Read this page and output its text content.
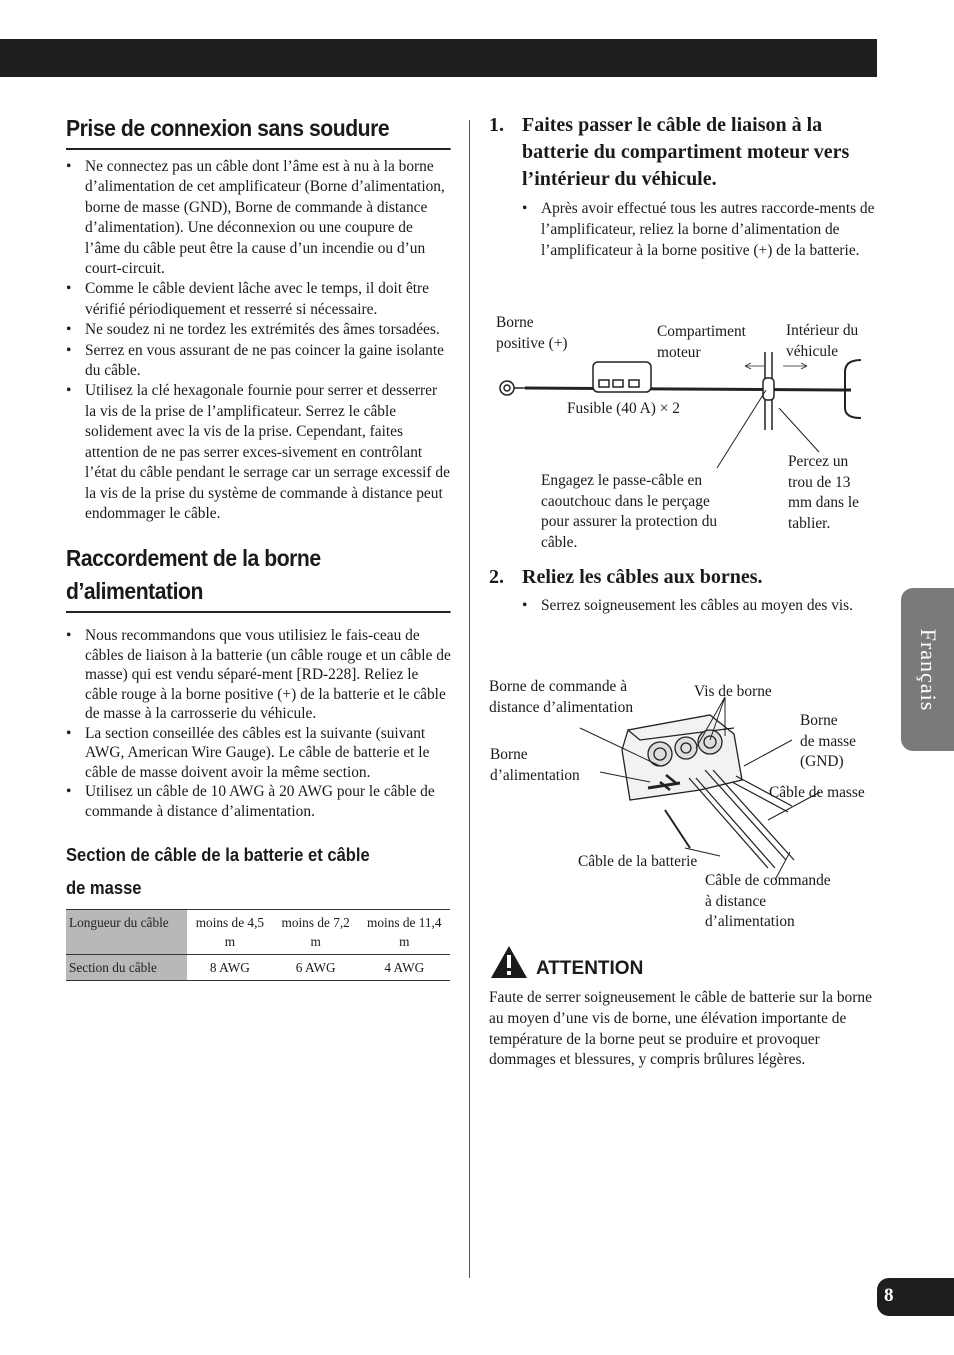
Prise de connexion sans soudure
• Ne connectez pas un câble dont l’âme est à nu à la borne d’alimentation de cet amplificateur (Borne d’alimentation, borne de masse (GND), Borne de commande à distance d’alimentation). Une déconnexion ou une coupure de l’âme du câble peut être la cause d’un incendie ou d’un court-circuit.
• Comme le câble devient lâche avec le temps, il doit être vérifié périodiquement et resserré si nécessaire.
• Ne soudez ni ne tordez les extrémités des âmes torsadées.
• Serrez en vous assurant de ne pas coincer la gaine isolante du câble.
• Utilisez la clé hexagonale fournie pour serrer et desserrer la vis de la prise de l’amplificateur. Serrez le câble solidement avec la vis de la prise. Cependant, faites attention de ne pas serrer exces-sivement en contrôlant l’état du câble pendant le serrage car un serrage excessif de la vis de la prise du système de commande à distance peut endommager le câble.
Raccordement de la borne
d’alimentation
• Nous recommandons que vous utilisiez le fais-ceau de câbles de liaison à la batterie (un câble rouge et un câble de masse) qui est vendu séparé-ment [RD-228]. Reliez le câble rouge à la borne positive (+) de la batterie et le câble de masse à la carrosserie du véhicule.
• La section conseillée des câbles est la suivante (suivant AWG, American Wire Gauge). Le câble de batterie et le câble de masse doivent avoir la même section.
• Utilisez un câble de 10 AWG à 20 AWG pour le câble de commande à distance d’alimentation.
Section de câble de la batterie et câble
de masse
Longueur du câble	moins de 4,5 m	moins de 7,2 m	moins de 11,4 m
Section du câble	8 AWG	6 AWG	4 AWG
1. Faites passer le câble de liaison à la batterie du compartiment moteur vers l’intérieur du véhicule.
• Après avoir effectué tous les autres raccorde-ments de l’amplificateur, reliez la borne d’alimentation de l’amplificateur à la borne positive (+) de la batterie.
Borne
positive (+)
Compartiment
moteur
Intérieur du
véhicule
Fusible (40 A) × 2
Engagez le passe-câble en
caoutchouc dans le perçage
pour assurer la protection du
câble.
Percez un
trou de 13
mm dans le
tablier.
2. Reliez les câbles aux bornes.
• Serrez soigneusement les câbles au moyen des vis.
Borne de commande à
distance d’alimentation
Vis de borne
Borne
de masse
(GND)
Borne
d’alimentation
Câble de masse
Câble de la batterie
Câble de commande
à distance
d’alimentation
ATTENTION
Faute de serrer soigneusement le câble de batterie sur la borne au moyen d’une vis de borne, une élévation importante de température de la borne peut se produire et provoquer dommages et blessures, y compris brûlures légères.
Français
8
